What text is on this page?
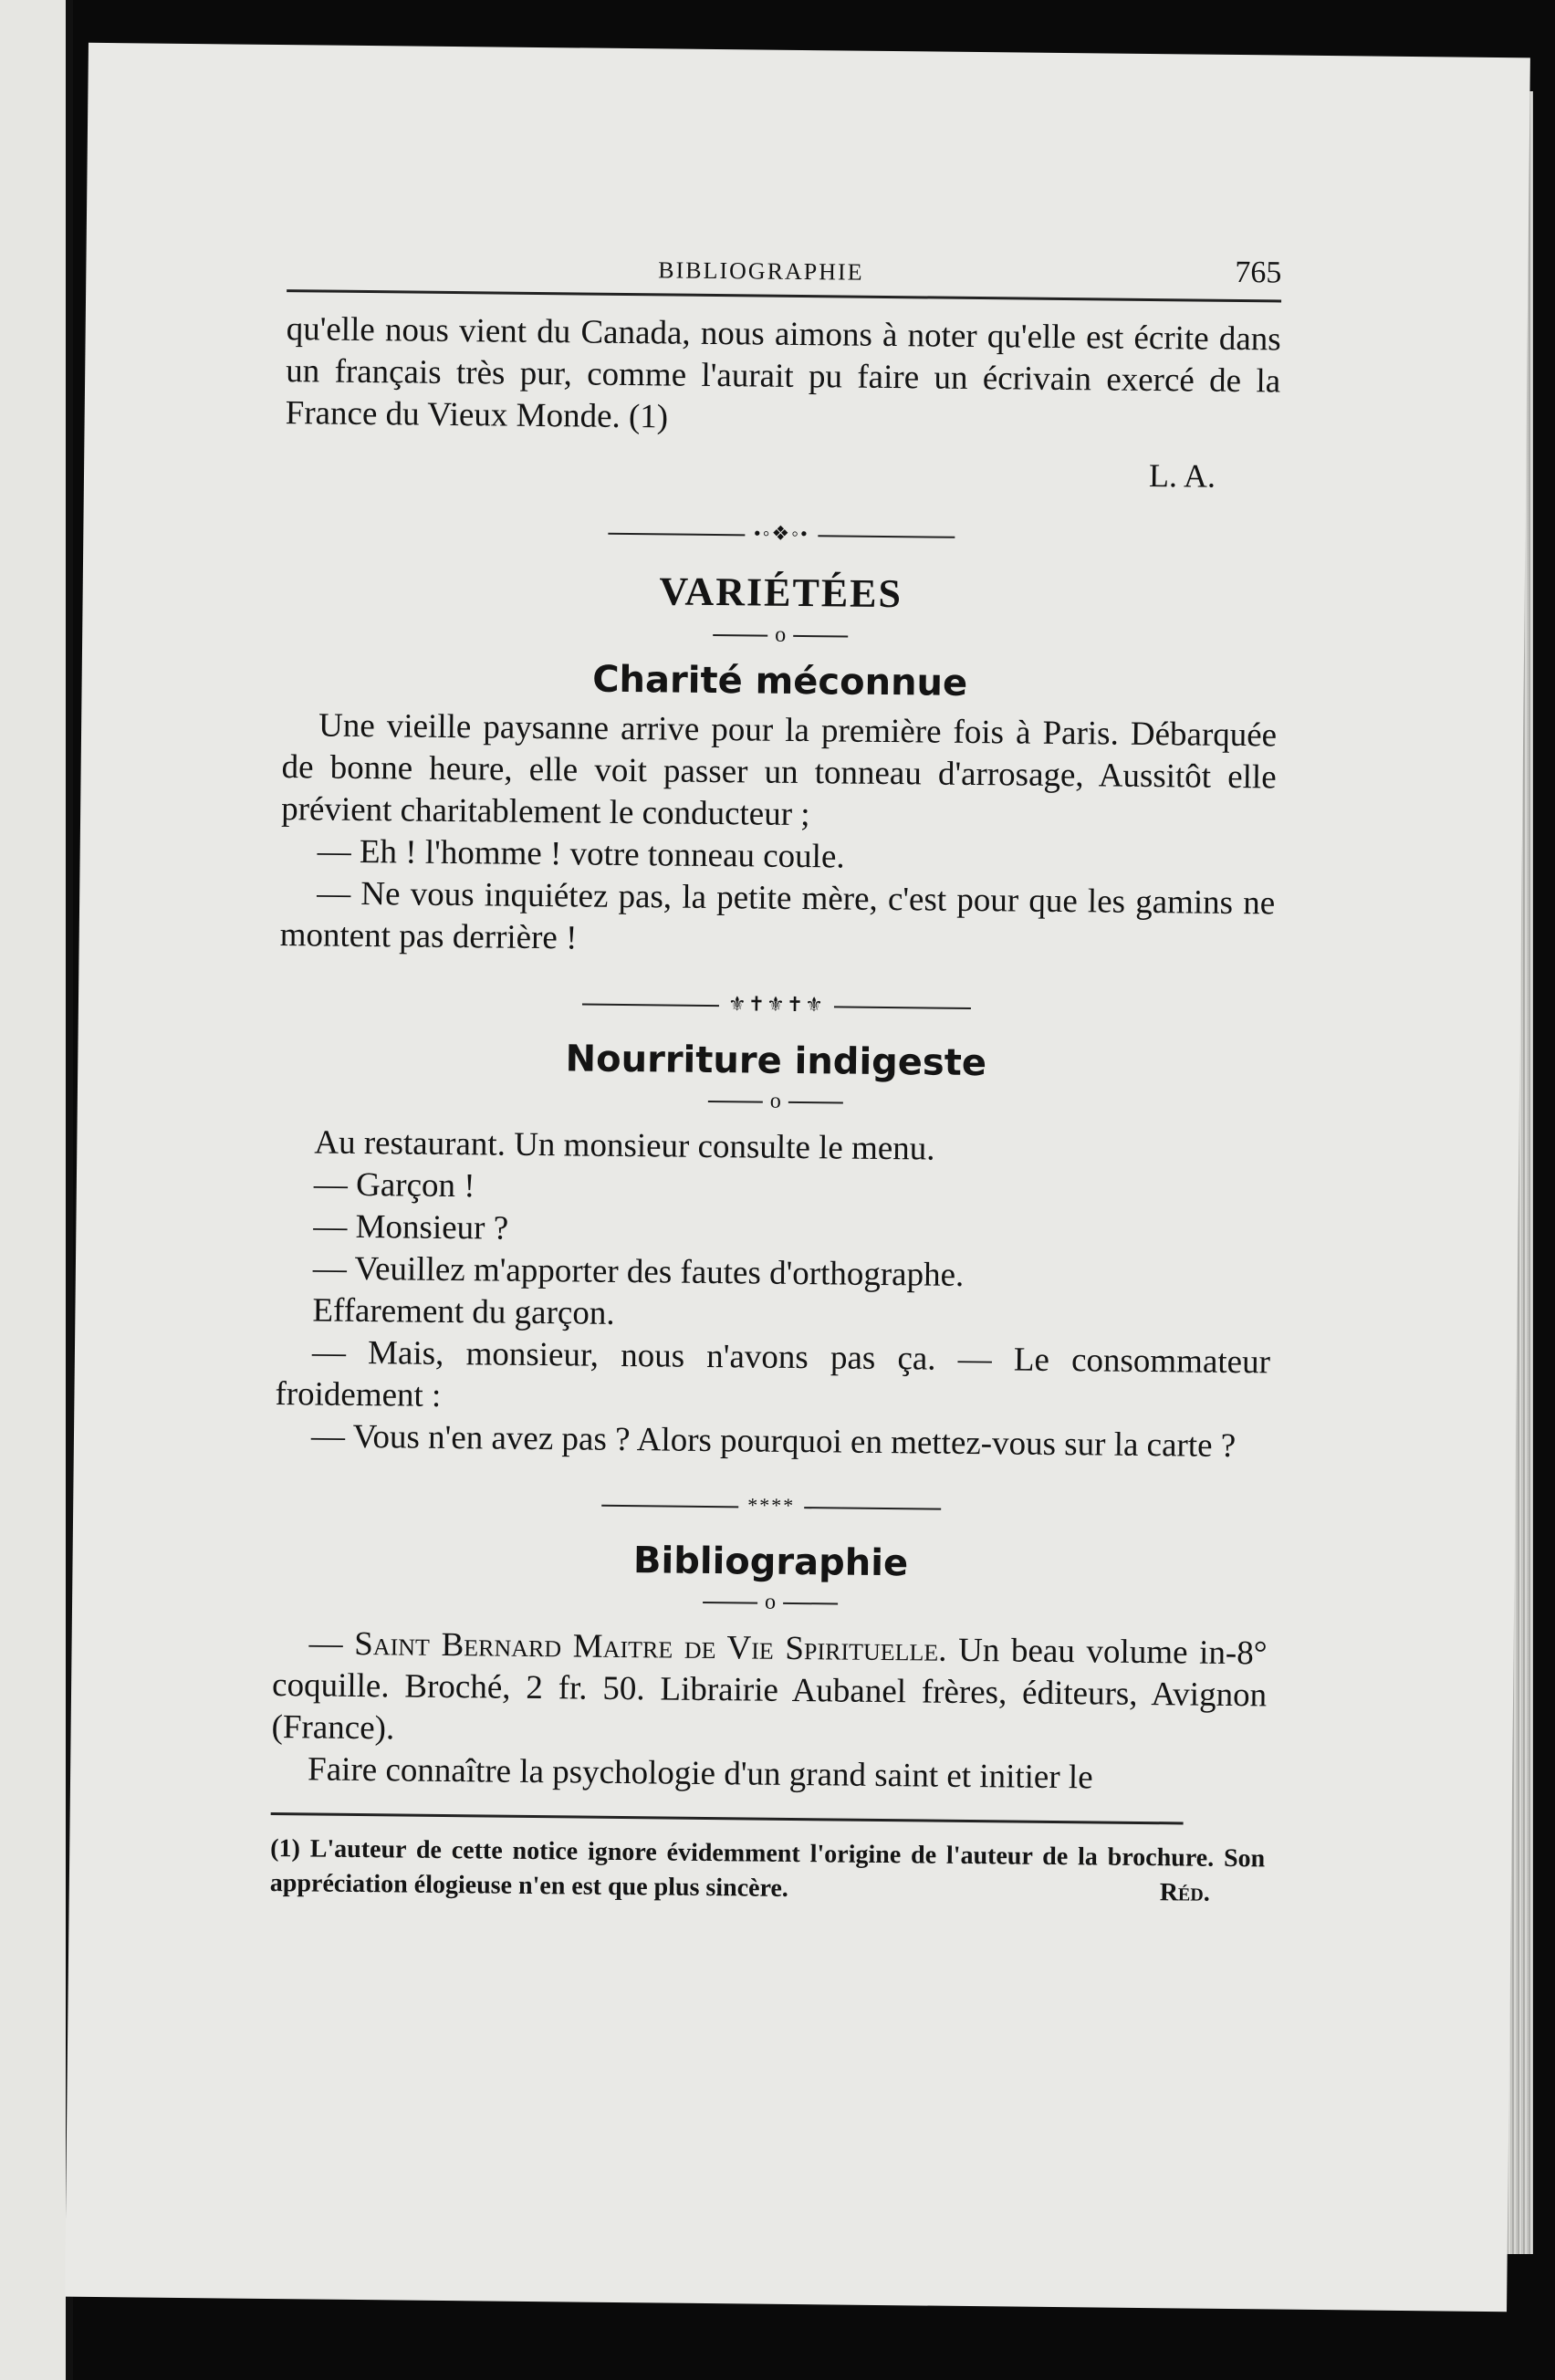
BIBLIOGRAPHIE	765

qu'elle nous vient du Canada, nous aimons à noter qu'elle est écrite dans un français très pur, comme l'aurait pu faire un écrivain exercé de la France du Vieux Monde. (1)

L. A.
•◦❖◦•
VARIÉTÉES
o
Charité méconnue

Une vieille paysanne arrive pour la première fois à Paris. Débarquée de bonne heure, elle voit passer un tonneau d'arrosage, Aussitôt elle prévient charitablement le conducteur ;

— Eh ! l'homme ! votre tonneau coule.

— Ne vous inquiétez pas, la petite mère, c'est pour que les gamins ne montent pas derrière !

⚜✝⚜✝⚜
Nourriture indigeste
o

Au restaurant. Un monsieur consulte le menu.

— Garçon !

— Monsieur ?

— Veuillez m'apporter des fautes d'orthographe.

Effarement du garçon.

— Mais, monsieur, nous n'avons pas ça. — Le consommateur froidement :

— Vous n'en avez pas ? Alors pourquoi en mettez-vous sur la carte ?

****
Bibliographie
o

— Saint Bernard Maitre de Vie Spirituelle. Un beau volume in-8° coquille. Broché, 2 fr. 50. Librairie Aubanel frères, éditeurs, Avignon (France).

Faire connaître la psychologie d'un grand saint et initier le

(1) L'auteur de cette notice ignore évidemment l'origine de l'auteur de la brochure. Son appréciation élogieuse n'en est que plus sincère.	Réd.
